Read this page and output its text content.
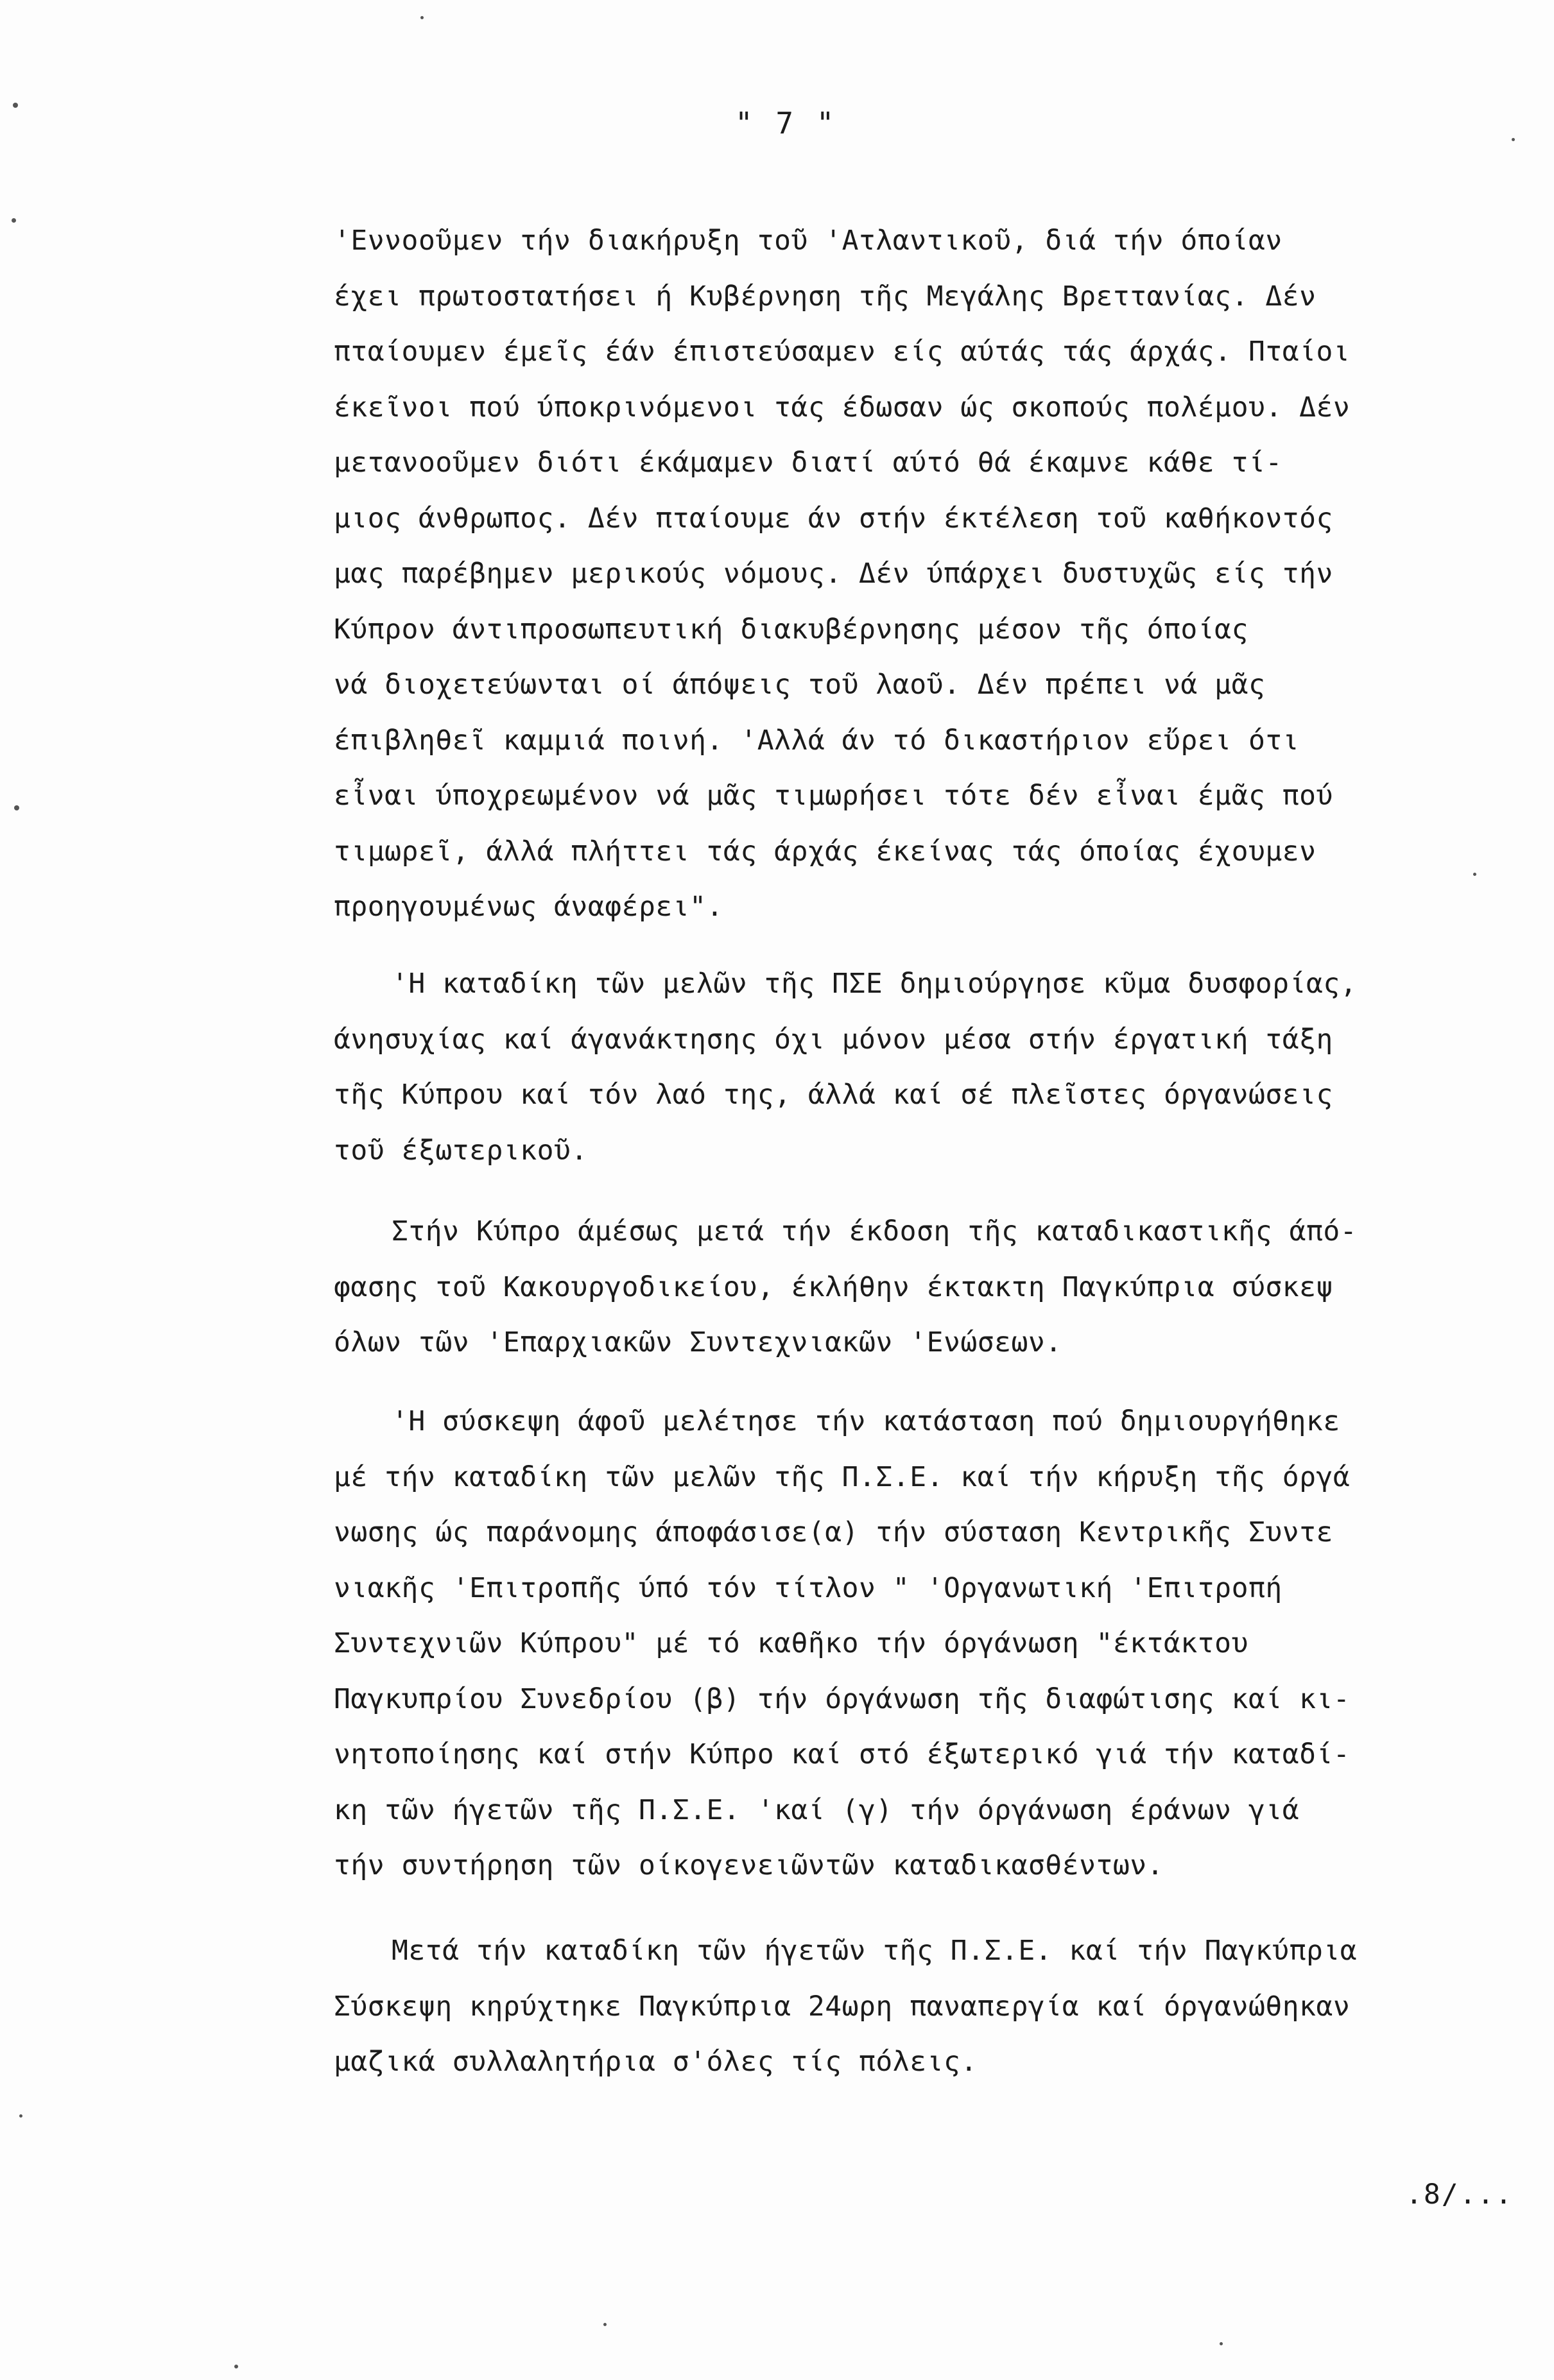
" 7 "
'Εννοοῦμεν τήν διακήρυξη τοῦ 'Ατλαντικοῦ, διά τήν όποίαν
έχει πρωτοστατήσει ή Κυβέρνηση τῆς Μεγάλης Βρεττανίας. Δέν
πταίουμεν έμεῖς έάν έπιστεύσαμεν είς αύτάς τάς άρχάς. Πταίοι
έκεῖνοι πού ύποκρινόμενοι τάς έδωσαν ώς σκοπούς πολέμου. Δέν
μετανοοῦμεν διότι έκάμαμεν διατί αύτό θά έκαμνε κάθε τί-
μιος άνθρωπος. Δέν πταίουμε άν στήν έκτέλεση τοῦ καθήκοντός
μας παρέβημεν μερικούς νόμους. Δέν ύπάρχει δυστυχῶς είς τήν
Κύπρον άντιπροσωπευτική διακυβέρνησης μέσον τῆς όποίας
νά διοχετεύωνται οί άπόψεις τοῦ λαοῦ. Δέν πρέπει νά μᾶς
έπιβληθεῖ καμμιά ποινή. 'Αλλά άν τό δικαστήριον εὔρει ότι
εἶναι ύποχρεωμένον νά μᾶς τιμωρήσει τότε δέν εἶναι έμᾶς πού
τιμωρεῖ, άλλά πλήττει τάς άρχάς έκείνας τάς όποίας έχουμεν
προηγουμένως άναφέρει".
'Η καταδίκη τῶν μελῶν τῆς ΠΣΕ δημιούργησε κῦμα δυσφορίας,
άνησυχίας καί άγανάκτησης όχι μόνον μέσα στήν έργατική τάξη
τῆς Κύπρου καί τόν λαό της, άλλά καί σέ πλεῖστες όργανώσεις
τοῦ έξωτερικοῦ.
Στήν Κύπρο άμέσως μετά τήν έκδοση τῆς καταδικαστικῆς άπό-
φασης τοῦ Κακουργοδικείου, έκλήθην έκτακτη Παγκύπρια σύσκεψ
όλων τῶν 'Επαρχιακῶν Συντεχνιακῶν 'Ενώσεων.
'Η σύσκεψη άφοῦ μελέτησε τήν κατάσταση πού δημιουργήθηκε
μέ τήν καταδίκη τῶν μελῶν τῆς Π.Σ.Ε. καί τήν κήρυξη τῆς όργά
νωσης ώς παράνομης άποφάσισε(α) τήν σύσταση Κεντρικῆς Συντε
νιακῆς 'Επιτροπῆς ύπό τόν τίτλον " 'Οργανωτική 'Επιτροπή
Συντεχνιῶν Κύπρου" μέ τό καθῆκο τήν όργάνωση "έκτάκτου
Παγκυπρίου Συνεδρίου (β) τήν όργάνωση τῆς διαφώτισης καί κι-
νητοποίησης καί στήν Κύπρο καί στό έξωτερικό γιά τήν καταδί-
κη τῶν ήγετῶν τῆς Π.Σ.Ε. 'καί (γ) τήν όργάνωση έράνων γιά
τήν συντήρηση τῶν οίκογενειῶντῶν καταδικασθέντων.
Μετά τήν καταδίκη τῶν ήγετῶν τῆς Π.Σ.Ε. καί τήν Παγκύπρια
Σύσκεψη κηρύχτηκε Παγκύπρια 24ωρη παναπεργία καί όργανώθηκαν
μαζικά συλλαλητήρια σ'όλες τίς πόλεις.
.8/...
